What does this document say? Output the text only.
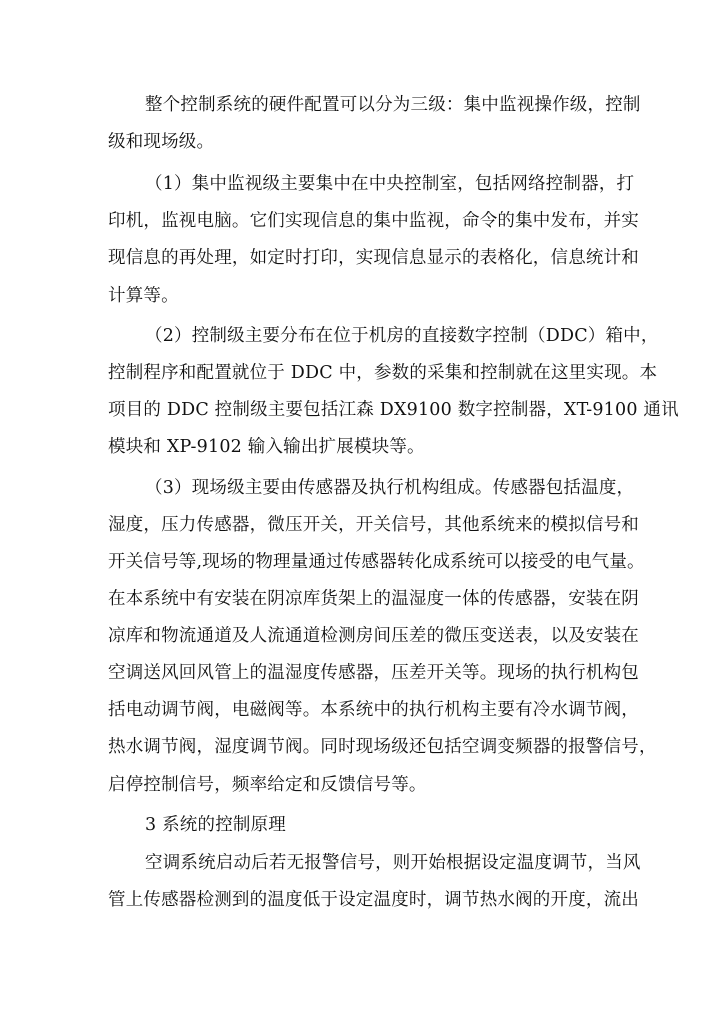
整个控制系统的硬件配置可以分为三级：集中监视操作级，控制
级和现场级。
（1）集中监视级主要集中在中央控制室，包括网络控制器，打
印机，监视电脑。它们实现信息的集中监视，命令的集中发布，并实
现信息的再处理，如定时打印，实现信息显示的表格化，信息统计和
计算等。
（2）控制级主要分布在位于机房的直接数字控制（DDC）箱中，
控制程序和配置就位于 DDC 中，参数的采集和控制就在这里实现。本
项目的 DDC 控制级主要包括江森 DX9100 数字控制器，XT-9100 通讯
模块和 XP-9102 输入输出扩展模块等。
（3）现场级主要由传感器及执行机构组成。传感器包括温度，
湿度，压力传感器，微压开关，开关信号，其他系统来的模拟信号和
开关信号等,现场的物理量通过传感器转化成系统可以接受的电气量。
在本系统中有安装在阴凉库货架上的温湿度一体的传感器，安装在阴
凉库和物流通道及人流通道检测房间压差的微压变送表，以及安装在
空调送风回风管上的温湿度传感器，压差开关等。现场的执行机构包
括电动调节阀，电磁阀等。本系统中的执行机构主要有冷水调节阀，
热水调节阀，湿度调节阀。同时现场级还包括空调变频器的报警信号，
启停控制信号，频率给定和反馈信号等。
3 系统的控制原理
空调系统启动后若无报警信号，则开始根据设定温度调节，当风
管上传感器检测到的温度低于设定温度时，调节热水阀的开度，流出
